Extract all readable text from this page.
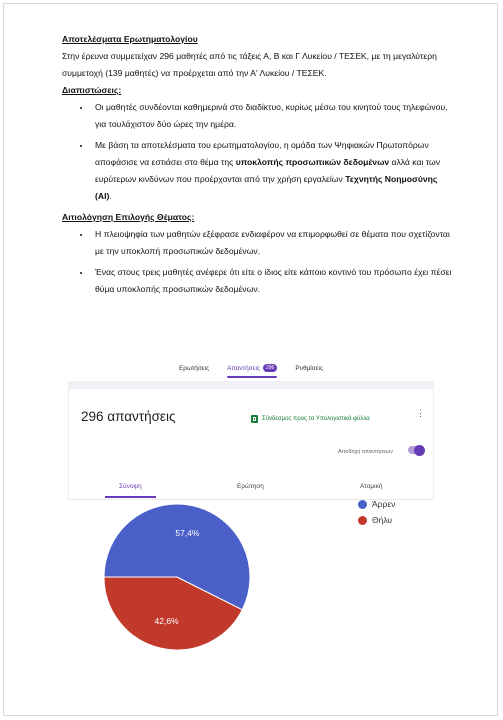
Αποτελέσματα Ερωτηματολογίου

Στην έρευνα συμμετείχαν 296 μαθητές από τις τάξεις Α, Β και Γ Λυκείου / ΤΕΣΕΚ, με τη μεγαλύτερη συμμετοχή (139 μαθητές) να προέρχεται από την Α' Λυκείου / ΤΕΣΕΚ.

Διαπιστώσεις:
• Οι μαθητές συνδέονται καθημερινά στο διαδίκτυο, κυρίως μέσω του κινητού τους τηλεφώνου, για τουλάχιστον δύο ώρες την ημέρα.
• Με βάση τα αποτελέσματα του ερωτηματολογίου, η ομάδα των Ψηφιακών Πρωτοπόρων αποφάσισε να εστιάσει στο θέμα της υποκλοπής προσωπικών δεδομένων αλλά και των ευρύτερων κινδύνων που προέρχονται από την χρήση εργαλείων Τεχνητής Νοημοσύνης (AI).
Αιτιολόγηση Επιλογής Θέματος:
• Η πλειοψηφία των μαθητών εξέφρασε ενδιαφέρον να επιμορφωθεί σε θέματα που σχετίζονται με την υποκλοπή προσωπικών δεδομένων.
• Ένας στους τρεις μαθητές ανέφερε ότι είτε ο ίδιος είτε κάποιο κοντινό του πρόσωπο έχει πέσει θύμα υποκλοπής προσωπικών δεδομένων.
Ερωτήσεις	Απαντήσεις	296	Ρυθμίσεις
296 απαντήσεις	Σύνδεσμος προς τα Υπολογιστικά φύλλα
⋮
Αποδοχή απαντήσεων
Σύνοψη	Ερώτηση	Ατομική
42,6%
57,4%
Άρρεν
Θήλυ
